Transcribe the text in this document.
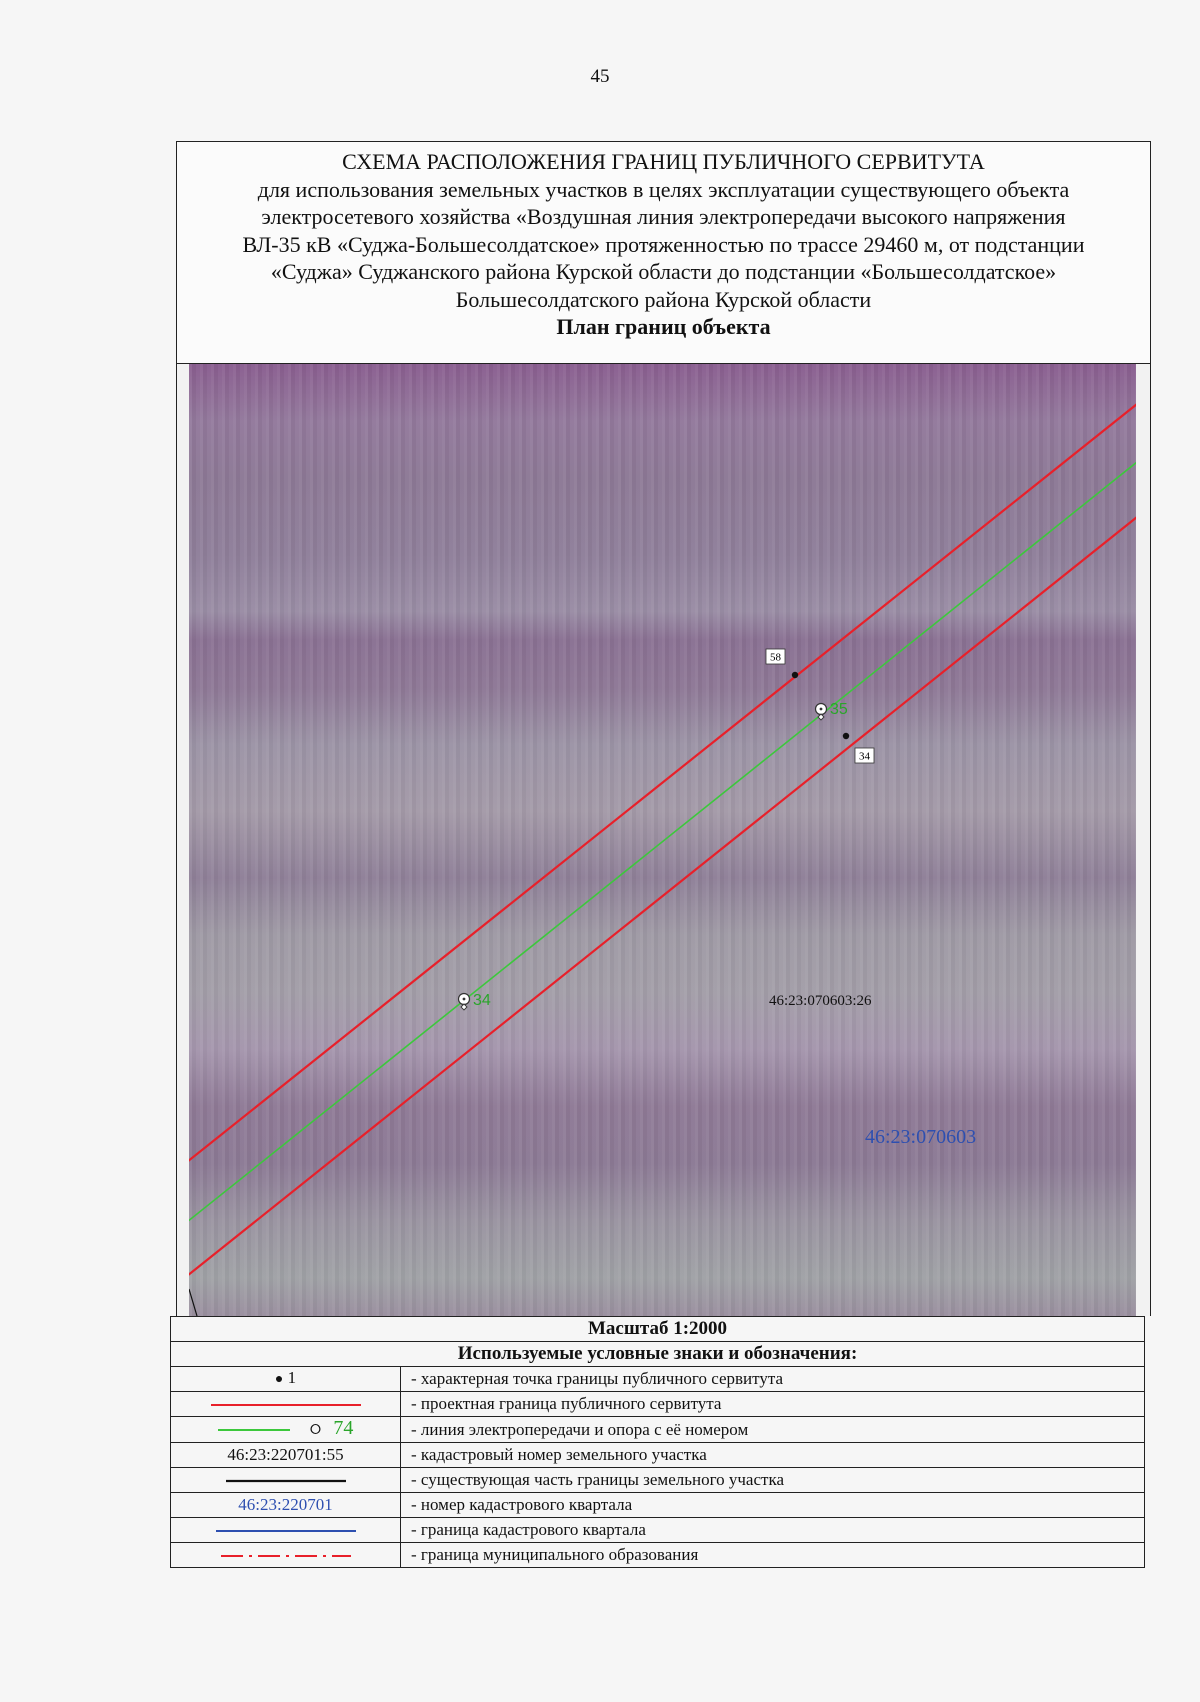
45
СХЕМА РАСПОЛОЖЕНИЯ ГРАНИЦ ПУБЛИЧНОГО СЕРВИТУТА
для использования земельных участков в целях эксплуатации существующего объекта
электросетевого хозяйства «Воздушная линия электропередачи высокого напряжения
ВЛ-35 кВ «Суджа-Большесолдатское» протяженностью по трассе 29460 м, от подстанции
«Суджа» Суджанского района Курской области до подстанции «Большесолдатское»
Большесолдатского района Курской области
План границ объекта
58
34
35
34	46:23:070603:26
46:23:070603
Масштаб 1:2000	
Используемые условные знаки и обозначения:	
● 1	- характерная точка границы публичного сервитута
	- проектная граница публичного сервитута
⭘ 74	- линия электропередачи и опора с её номером
46:23:220701:55	- кадастровый номер земельного участка
	- существующая часть границы земельного участка
46:23:220701	- номер кадастрового квартала
	- граница кадастрового квартала
	- граница муниципального образования
